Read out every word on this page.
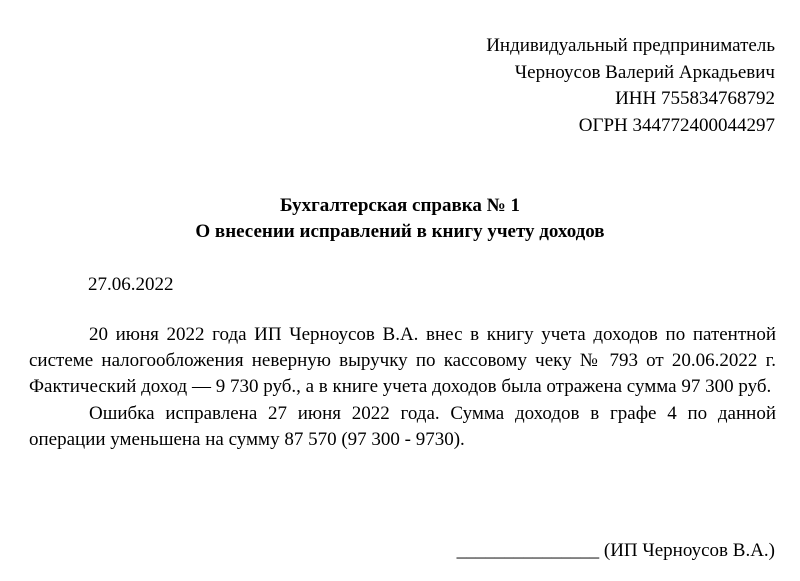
Индивидуальный предприниматель
Черноусов Валерий Аркадьевич
ИНН 755834768792
ОГРН 344772400044297
Бухгалтерская справка № 1
О внесении исправлений в книгу учету доходов
27.06.2022

20 июня 2022 года ИП Черноусов В.А. внес в книгу учета доходов по патентной системе налогообложения неверную выручку по кассовому чеку № 793 от 20.06.2022 г. Фактический доход — 9 730 руб., а в книге учета доходов была отражена сумма 97 300 руб.

Ошибка исправлена 27 июня 2022 года. Сумма доходов в графе 4 по данной операции уменьшена на сумму 87 570 (97 300 - 9730).

_______________ (ИП Черноусов В.А.)
